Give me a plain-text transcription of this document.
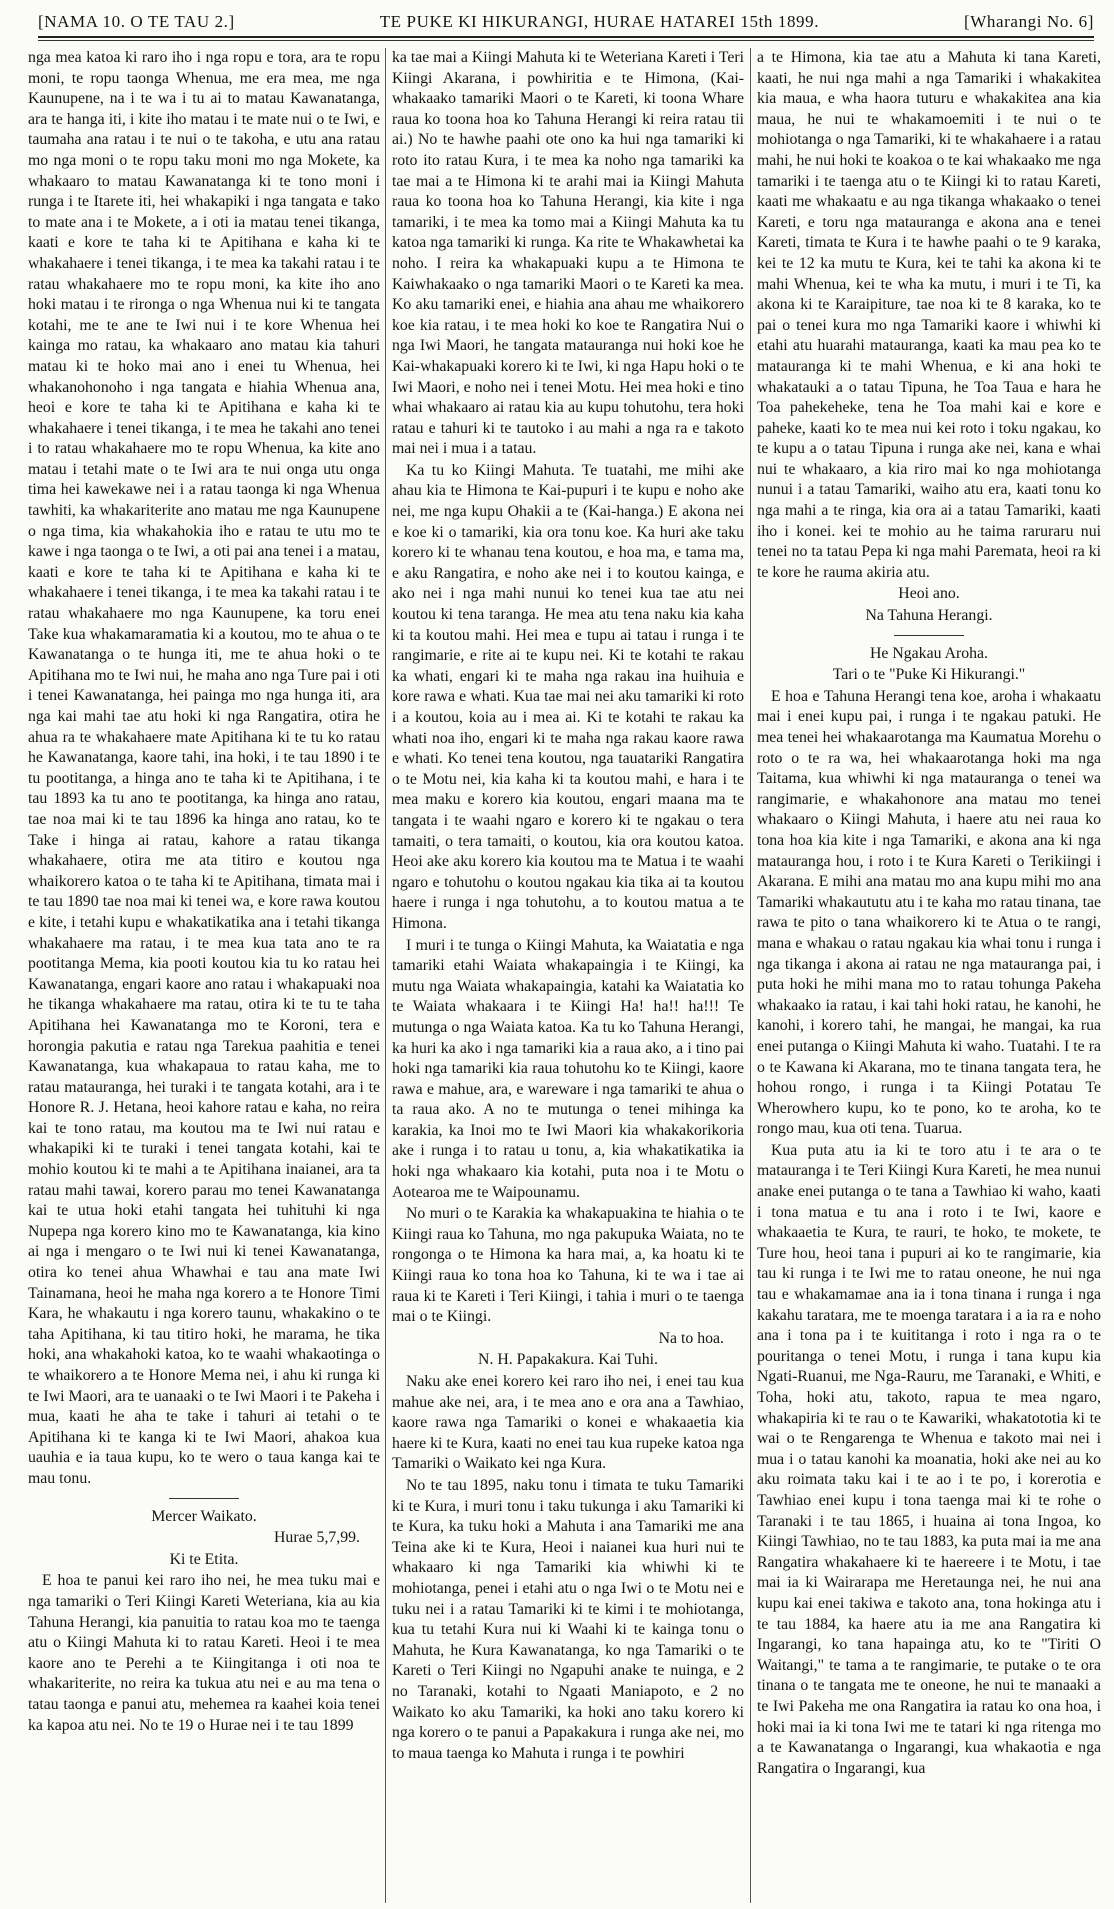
[NAMA 10. O TE TAU 2.]	TE PUKE KI HIKURANGI, HURAE HATAREI 15th 1899.	[Wharangi No. 6]

nga mea katoa ki raro iho i nga ropu e tora, ara te ropu moni, te ropu taonga Whenua, me era mea, me nga Kaunupene, na i te wa i tu ai to matau Kawanatanga, ara te hanga iti, i kite iho matau i te mate nui o te Iwi, e taumaha ana ratau i te nui o te takoha, e utu ana ratau mo nga moni o te ropu taku moni mo nga Mokete, ka whakaaro to matau Kawanatanga ki te tono moni i runga i te Itarete iti, hei whakapiki i nga tangata e tako to mate ana i te Mokete, a i oti ia matau tenei tikanga, kaati e kore te taha ki te Apitihana e kaha ki te whakahaere i tenei tikanga, i te mea ka takahi ratau i te ratau whakahaere mo te ropu moni, ka kite iho ano hoki matau i te rironga o nga Whenua nui ki te tangata kotahi, me te ane te Iwi nui i te kore Whenua hei kainga mo ratau, ka whakaaro ano matau kia tahuri matau ki te hoko mai ano i enei tu Whenua, hei whakanohonoho i nga tangata e hiahia Whenua ana, heoi e kore te taha ki te Apitihana e kaha ki te whakahaere i tenei tikanga, i te mea he takahi ano tenei i to ratau whakahaere mo te ropu Whenua, ka kite ano matau i tetahi mate o te Iwi ara te nui onga utu onga tima hei kawekawe nei i a ratau taonga ki nga Whenua tawhiti, ka whakariterite ano matau me nga Kaunupene o nga tima, kia whakahokia iho e ratau te utu mo te kawe i nga taonga o te Iwi, a oti pai ana tenei i a matau, kaati e kore te taha ki te Apitihana e kaha ki te whakahaere i tenei tikanga, i te mea ka takahi ratau i te ratau whakahaere mo nga Kaunupene, ka toru enei Take kua whakamaramatia ki a koutou, mo te ahua o te Kawanatanga o te hunga iti, me te ahua hoki o te Apitihana mo te Iwi nui, he maha ano nga Ture pai i oti i tenei Kawanatanga, hei painga mo nga hunga iti, ara nga kai mahi tae atu hoki ki nga Rangatira, otira he ahua ra te whakahaere mate Apitihana ki te tu ko ratau he Kawanatanga, kaore tahi, ina hoki, i te tau 1890 i te tu pootitanga, a hinga ano te taha ki te Apitihana, i te tau 1893 ka tu ano te pootitanga, ka hinga ano ratau, tae noa mai ki te tau 1896 ka hinga ano ratau, ko te Take i hinga ai ratau, kahore a ratau tikanga whakahaere, otira me ata titiro e koutou nga whaikorero katoa o te taha ki te Apitihana, timata mai i te tau 1890 tae noa mai ki tenei wa, e kore rawa koutou e kite, i tetahi kupu e whakatikatika ana i tetahi tikanga whakahaere ma ratau, i te mea kua tata ano te ra pootitanga Mema, kia pooti koutou kia tu ko ratau hei Kawanatanga, engari kaore ano ratau i whakapuaki noa he tikanga whakahaere ma ratau, otira ki te tu te taha Apitihana hei Kawanatanga mo te Koroni, tera e horongia pakutia e ratau nga Tarekua paahitia e tenei Kawanatanga, kua whakapaua to ratau kaha, me to ratau matauranga, hei turaki i te tangata kotahi, ara i te Honore R. J. Hetana, heoi kahore ratau e kaha, no reira kai te tono ratau, ma koutou ma te Iwi nui ratau e whakapiki ki te turaki i tenei tangata kotahi, kai te mohio koutou ki te mahi a te Apitihana inaianei, ara ta ratau mahi tawai, korero parau mo tenei Kawanatanga kai te utua hoki etahi tangata hei tuhituhi ki nga Nupepa nga korero kino mo te Kawanatanga, kia kino ai nga i mengaro o te Iwi nui ki tenei Kawanatanga, otira ko tenei ahua Whawhai e tau ana mate Iwi Tainamana, heoi he maha nga korero a te Honore Timi Kara, he whakautu i nga korero taunu, whakakino o te taha Apitihana, ki tau titiro hoki, he marama, he tika hoki, ana whakahoki katoa, ko te waahi whakaotinga o te whaikorero a te Honore Mema nei, i ahu ki runga ki te Iwi Maori, ara te uanaaki o te Iwi Maori i te Pakeha i mua, kaati he aha te take i tahuri ai tetahi o te Apitihana ki te kanga ki te Iwi Maori, ahakoa kua uauhia e ia taua kupu, ko te wero o taua kanga kai te mau tonu.

Mercer Waikato.

Hurae 5,7,99.

Ki te Etita.

E hoa te panui kei raro iho nei, he mea tuku mai e nga tamariki o Teri Kiingi Kareti Weteriana, kia au kia Tahuna Herangi, kia panuitia to ratau koa mo te taenga atu o Kiingi Mahuta ki to ratau Kareti. Heoi i te mea kaore ano te Perehi a te Kiingitanga i oti noa te whakariterite, no reira ka tukua atu nei e au ma tena o tatau taonga e panui atu, mehemea ra kaahei koia tenei ka kapoa atu nei. No te 19 o Hurae nei i te tau 1899

ka tae mai a Kiingi Mahuta ki te Weteriana Kareti i Teri Kiingi Akarana, i powhiritia e te Himona, (Kai-whakaako tamariki Maori o te Kareti, ki toona Whare raua ko toona hoa ko Tahuna Herangi ki reira ratau tii ai.) No te hawhe paahi ote ono ka hui nga tamariki ki roto ito ratau Kura, i te mea ka noho nga tamariki ka tae mai a te Himona ki te arahi mai ia Kiingi Mahuta raua ko toona hoa ko Tahuna Herangi, kia kite i nga tamariki, i te mea ka tomo mai a Kiingi Mahuta ka tu katoa nga tamariki ki runga. Ka rite te Whakawhetai ka noho. I reira ka whakapuaki kupu a te Himona te Kaiwhakaako o nga tamariki Maori o te Kareti ka mea. Ko aku tamariki enei, e hiahia ana ahau me whaikorero koe kia ratau, i te mea hoki ko koe te Rangatira Nui o nga Iwi Maori, he tangata matauranga nui hoki koe he Kai-whakapuaki korero ki te Iwi, ki nga Hapu hoki o te Iwi Maori, e noho nei i tenei Motu. Hei mea hoki e tino whai whakaaro ai ratau kia au kupu tohutohu, tera hoki ratau e tahuri ki te tautoko i au mahi a nga ra e takoto mai nei i mua i a tatau.

Ka tu ko Kiingi Mahuta. Te tuatahi, me mihi ake ahau kia te Himona te Kai-pupuri i te kupu e noho ake nei, me nga kupu Ohakii a te (Kai-hanga.) E akona nei e koe ki o tamariki, kia ora tonu koe. Ka huri ake taku korero ki te whanau tena koutou, e hoa ma, e tama ma, e aku Rangatira, e noho ake nei i to koutou kainga, e ako nei i nga mahi nunui ko tenei kua tae atu nei koutou ki tena taranga. He mea atu tena naku kia kaha ki ta koutou mahi. Hei mea e tupu ai tatau i runga i te rangimarie, e rite ai te kupu nei. Ki te kotahi te rakau ka whati, engari ki te maha nga rakau ina huihuia e kore rawa e whati. Kua tae mai nei aku tamariki ki roto i a koutou, koia au i mea ai. Ki te kotahi te rakau ka whati noa iho, engari ki te maha nga rakau kaore rawa e whati. Ko tenei tena koutou, nga tauatariki Rangatira o te Motu nei, kia kaha ki ta koutou mahi, e hara i te mea maku e korero kia koutou, engari maana ma te tangata i te waahi ngaro e korero ki te ngakau o tera tamaiti, o tera tamaiti, o koutou, kia ora koutou katoa. Heoi ake aku korero kia koutou ma te Matua i te waahi ngaro e tohutohu o koutou ngakau kia tika ai ta koutou haere i runga i nga tohutohu, a to koutou matua a te Himona.

I muri i te tunga o Kiingi Mahuta, ka Waiatatia e nga tamariki etahi Waiata whakapaingia i te Kiingi, ka mutu nga Waiata whakapaingia, katahi ka Waiatatia ko te Waiata whakaara i te Kiingi Ha! ha!! ha!!! Te mutunga o nga Waiata katoa. Ka tu ko Tahuna Herangi, ka huri ka ako i nga tamariki kia a raua ako, a i tino pai hoki nga tamariki kia raua tohutohu ko te Kiingi, kaore rawa e mahue, ara, e wareware i nga tamariki te ahua o ta raua ako. A no te mutunga o tenei mihinga ka karakia, ka Inoi mo te Iwi Maori kia whakakorikoria ake i runga i to ratau u tonu, a, kia whakatikatika ia hoki nga whakaaro kia kotahi, puta noa i te Motu o Aotearoa me te Waipounamu.

No muri o te Karakia ka whakapuakina te hiahia o te Kiingi raua ko Tahuna, mo nga pakupuka Waiata, no te rongonga o te Himona ka hara mai, a, ka hoatu ki te Kiingi raua ko tona hoa ko Tahuna, ki te wa i tae ai raua ki te Kareti i Teri Kiingi, i tahia i muri o te taenga mai o te Kiingi.

Na to hoa.

N. H. Papakakura. Kai Tuhi.

Naku ake enei korero kei raro iho nei, i enei tau kua mahue ake nei, ara, i te mea ano e ora ana a Tawhiao, kaore rawa nga Tamariki o konei e whakaaetia kia haere ki te Kura, kaati no enei tau kua rupeke katoa nga Tamariki o Waikato kei nga Kura.

No te tau 1895, naku tonu i timata te tuku Tamariki ki te Kura, i muri tonu i taku tukunga i aku Tamariki ki te Kura, ka tuku hoki a Mahuta i ana Tamariki me ana Teina ake ki te Kura, Heoi i naianei kua huri nui te whakaaro ki nga Tamariki kia whiwhi ki te mohiotanga, penei i etahi atu o nga Iwi o te Motu nei e tuku nei i a ratau Tamariki ki te kimi i te mohiotanga, kua tu tetahi Kura nui ki Waahi ki te kainga tonu o Mahuta, he Kura Kawanatanga, ko nga Tamariki o te Kareti o Teri Kiingi no Ngapuhi anake te nuinga, e 2 no Taranaki, kotahi to Ngaati Maniapoto, e 2 no Waikato ko aku Tamariki, ka hoki ano taku korero ki nga korero o te panui a Papakakura i runga ake nei, mo to maua taenga ko Mahuta i runga i te powhiri

a te Himona, kia tae atu a Mahuta ki tana Kareti, kaati, he nui nga mahi a nga Tamariki i whakakitea kia maua, e wha haora tuturu e whakakitea ana kia maua, he nui te whakamoemiti i te nui o te mohiotanga o nga Tamariki, ki te whakahaere i a ratau mahi, he nui hoki te koakoa o te kai whakaako me nga tamariki i te taenga atu o te Kiingi ki to ratau Kareti, kaati me whakaatu e au nga tikanga whakaako o tenei Kareti, e toru nga matauranga e akona ana e tenei Kareti, timata te Kura i te hawhe paahi o te 9 karaka, kei te 12 ka mutu te Kura, kei te tahi ka akona ki te mahi Whenua, kei te wha ka mutu, i muri i te Ti, ka akona ki te Karaipiture, tae noa ki te 8 karaka, ko te pai o tenei kura mo nga Tamariki kaore i whiwhi ki etahi atu huarahi matauranga, kaati ka mau pea ko te matauranga ki te mahi Whenua, e ki ana hoki te whakatauki a o tatau Tipuna, he Toa Taua e hara he Toa pahekeheke, tena he Toa mahi kai e kore e paheke, kaati ko te mea nui kei roto i toku ngakau, ko te kupu a o tatau Tipuna i runga ake nei, kana e whai nui te whakaaro, a kia riro mai ko nga mohiotanga nunui i a tatau Tamariki, waiho atu era, kaati tonu ko nga mahi a te ringa, kia ora ai a tatau Tamariki, kaati iho i konei. kei te mohio au he taima raruraru nui tenei no ta tatau Pepa ki nga mahi Paremata, heoi ra ki te kore he rauma akiria atu.

Heoi ano.

Na Tahuna Herangi.

He Ngakau Aroha.

Tari o te "Puke Ki Hikurangi."

E hoa e Tahuna Herangi tena koe, aroha i whakaatu mai i enei kupu pai, i runga i te ngakau patuki. He mea tenei hei whakaarotanga ma Kaumatua Morehu o roto o te ra wa, hei whakaarotanga hoki ma nga Taitama, kua whiwhi ki nga matauranga o tenei wa rangimarie, e whakahonore ana matau mo tenei whakaaro o Kiingi Mahuta, i haere atu nei raua ko tona hoa kia kite i nga Tamariki, e akona ana ki nga matauranga hou, i roto i te Kura Kareti o Terikiingi i Akarana. E mihi ana matau mo ana kupu mihi mo ana Tamariki whakaututu atu i te kaha mo ratau tinana, tae rawa te pito o tana whaikorero ki te Atua o te rangi, mana e whakau o ratau ngakau kia whai tonu i runga i nga tikanga i akona ai ratau ne nga matauranga pai, i puta hoki he mihi mana mo to ratau tohunga Pakeha whakaako ia ratau, i kai tahi hoki ratau, he kanohi, he kanohi, i korero tahi, he mangai, he mangai, ka rua enei putanga o Kiingi Mahuta ki waho. Tuatahi. I te ra o te Kawana ki Akarana, mo te tinana tangata tera, he hohou rongo, i runga i ta Kiingi Potatau Te Wherowhero kupu, ko te pono, ko te aroha, ko te rongo mau, kua oti tena. Tuarua.

Kua puta atu ia ki te toro atu i te ara o te matauranga i te Teri Kiingi Kura Kareti, he mea nunui anake enei putanga o te tana a Tawhiao ki waho, kaati i tona matua e tu ana i roto i te Iwi, kaore e whakaaetia te Kura, te rauri, te hoko, te mokete, te Ture hou, heoi tana i pupuri ai ko te rangimarie, kia tau ki runga i te Iwi me to ratau oneone, he nui nga tau e whakamamae ana ia i tona tinana i runga i nga kakahu taratara, me te moenga taratara i a ia ra e noho ana i tona pa i te kuititanga i roto i nga ra o te pouritanga o tenei Motu, i runga i tana kupu kia Ngati-Ruanui, me Nga-Rauru, me Taranaki, e Whiti, e Toha, hoki atu, takoto, rapua te mea ngaro, whakapiria ki te rau o te Kawariki, whakatototia ki te wai o te Rengarenga te Whenua e takoto mai nei i mua i o tatau kanohi ka moanatia, hoki ake nei au ko aku roimata taku kai i te ao i te po, i korerotia e Tawhiao enei kupu i tona taenga mai ki te rohe o Taranaki i te tau 1865, i huaina ai tona Ingoa, ko Kiingi Tawhiao, no te tau 1883, ka puta mai ia me ana Rangatira whakahaere ki te haereere i te Motu, i tae mai ia ki Wairarapa me Heretaunga nei, he nui ana kupu kai enei takiwa e takoto ana, tona hokinga atu i te tau 1884, ka haere atu ia me ana Rangatira ki Ingarangi, ko tana hapainga atu, ko te "Tiriti O Waitangi," te tama a te rangimarie, te putake o te ora tinana o te tangata me te oneone, he nui te manaaki a te Iwi Pakeha me ona Rangatira ia ratau ko ona hoa, i hoki mai ia ki tona Iwi me te tatari ki nga ritenga mo a te Kawanatanga o Ingarangi, kua whakaotia e nga Rangatira o Ingarangi, kua
